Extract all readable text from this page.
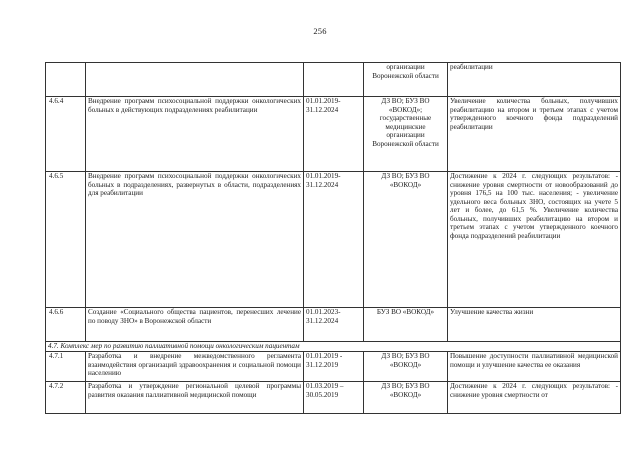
256
			организации Воронежской области	реабилитации
4.6.4	Внедрение программ психосоциальной поддержки онкологических больных в действующих подразделениях реабилитации	01.01.2019-31.12.2024	ДЗ ВО; БУЗ ВО «ВОКОД»; государственные медицинские организации Воронежской области	Увеличение количества больных, получивших реабилитацию на втором и третьем этапах с учетом утвержденного коечного фонда подразделений реабилитации
4.6.5	Внедрение программ психосоциальной поддержки онкологических больных в подразделениях, развернутых в области, подразделениях для реабилитации	01.01.2019-31.12.2024	ДЗ ВО; БУЗ ВО «ВОКОД»	Достижение к 2024 г. следующих результатов: - снижение уровня смертности от новообразований до уровня 176,5 на 100 тыс. населения; - увеличение удельного веса больных ЗНО, состоящих на учете 5 лет и более, до 61,5 %. Увеличение количества больных, получивших реабилитацию на втором и третьем этапах с учетом утвержденного коечного фонда подразделений реабилитации
4.6.6	Создание «Социального общества пациентов, перенесших лечение по поводу ЗНО» в Воронежской области	01.01.2023-31.12.2024	БУЗ ВО «ВОКОД»	Улучшение качества жизни
4.7. Комплекс мер по развитию паллиативной помощи онкологическим пациентам				
4.7.1	Разработка и внедрение межведомственного регламента взаимодействия организаций здравоохранения и социальной помощи населению	01.01.2019 - 31.12.2019	ДЗ ВО; БУЗ ВО «ВОКОД»	Повышение доступности паллиативной медицинской помощи и улучшение качества ее оказания
4.7.2	Разработка и утверждение региональной целевой программы развития оказания паллиативной медицинской помощи	01.03.2019 – 30.05.2019	ДЗ ВО; БУЗ ВО «ВОКОД»	Достижение к 2024 г. следующих результатов: - снижение уровня смертности от
